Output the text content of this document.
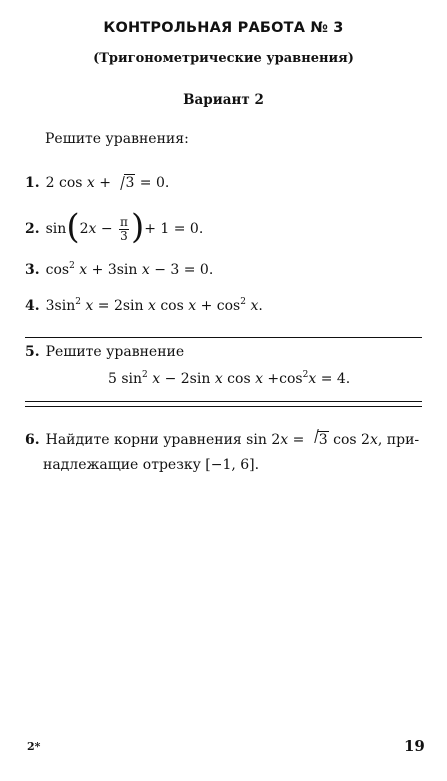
КОНТРОЛЬНАЯ РАБОТА № 3
(Тригонометрические уравнения)
Вариант 2
Решите уравнения:
1. 2 cos x + 3 = 0.
2. $\sin(2x - \frac{\pi}{3}$ )+ 1 = 0.
3. $\cos^2 x + 3\sin$ x − 3 = 0.
4. $3\sin^2$ x = 2sin x $\cos x + \cos^2 x$.
5. Решите уравнение
5 $\sin^2 x - 2\sin$ x $\cos x +\cos^2x = 4$.
6. Найдите корни уравнения sin 2x = 3 cos 2x, при-
надлежащие отрезку [−1, 6].
2*	19
